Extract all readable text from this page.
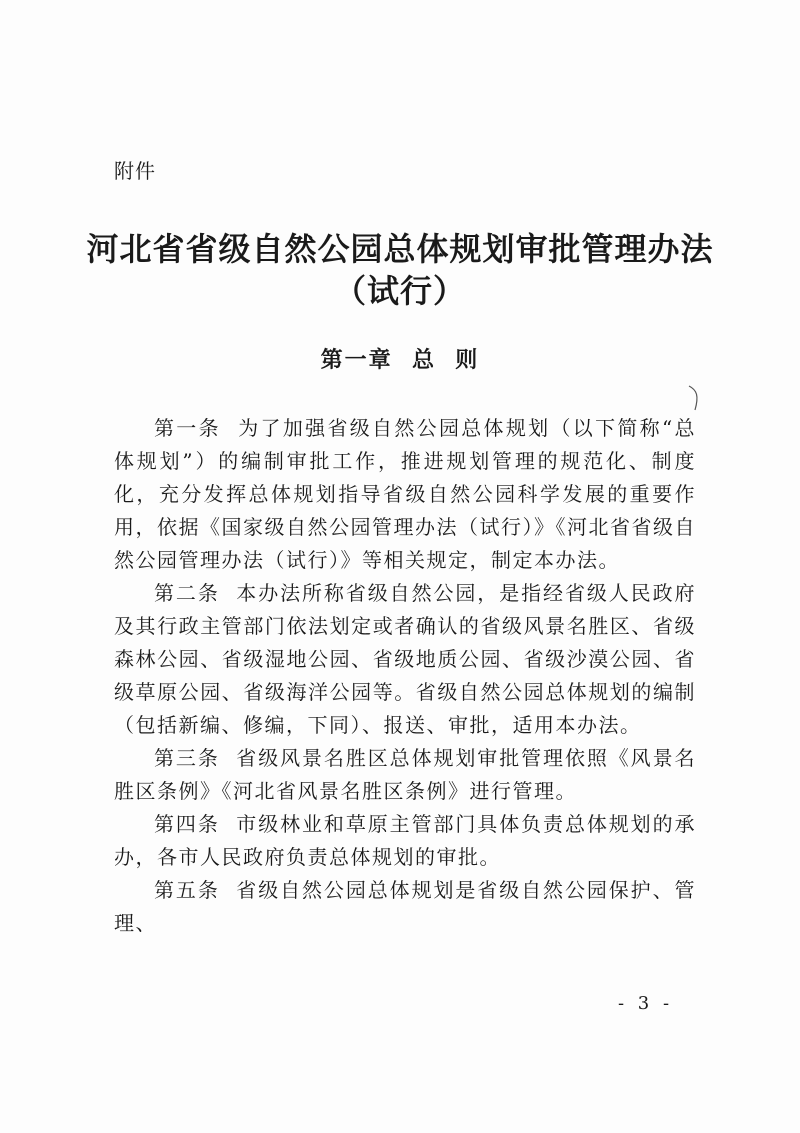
附件
河北省省级自然公园总体规划审批管理办法
（试行）
第一章  总  则

第一条 为了加强省级自然公园总体规划（以下简称“总体规划”）的编制审批工作，推进规划管理的规范化、制度化，充分发挥总体规划指导省级自然公园科学发展的重要作用，依据《国家级自然公园管理办法（试行）》《河北省省级自然公园管理办法（试行）》等相关规定，制定本办法。

第二条 本办法所称省级自然公园，是指经省级人民政府及其行政主管部门依法划定或者确认的省级风景名胜区、省级森林公园、省级湿地公园、省级地质公园、省级沙漠公园、省级草原公园、省级海洋公园等。省级自然公园总体规划的编制（包括新编、修编，下同）、报送、审批，适用本办法。

第三条 省级风景名胜区总体规划审批管理依照《风景名胜区条例》《河北省风景名胜区条例》进行管理。

第四条 市级林业和草原主管部门具体负责总体规划的承办，各市人民政府负责总体规划的审批。

第五条 省级自然公园总体规划是省级自然公园保护、管理、

- 3 -
